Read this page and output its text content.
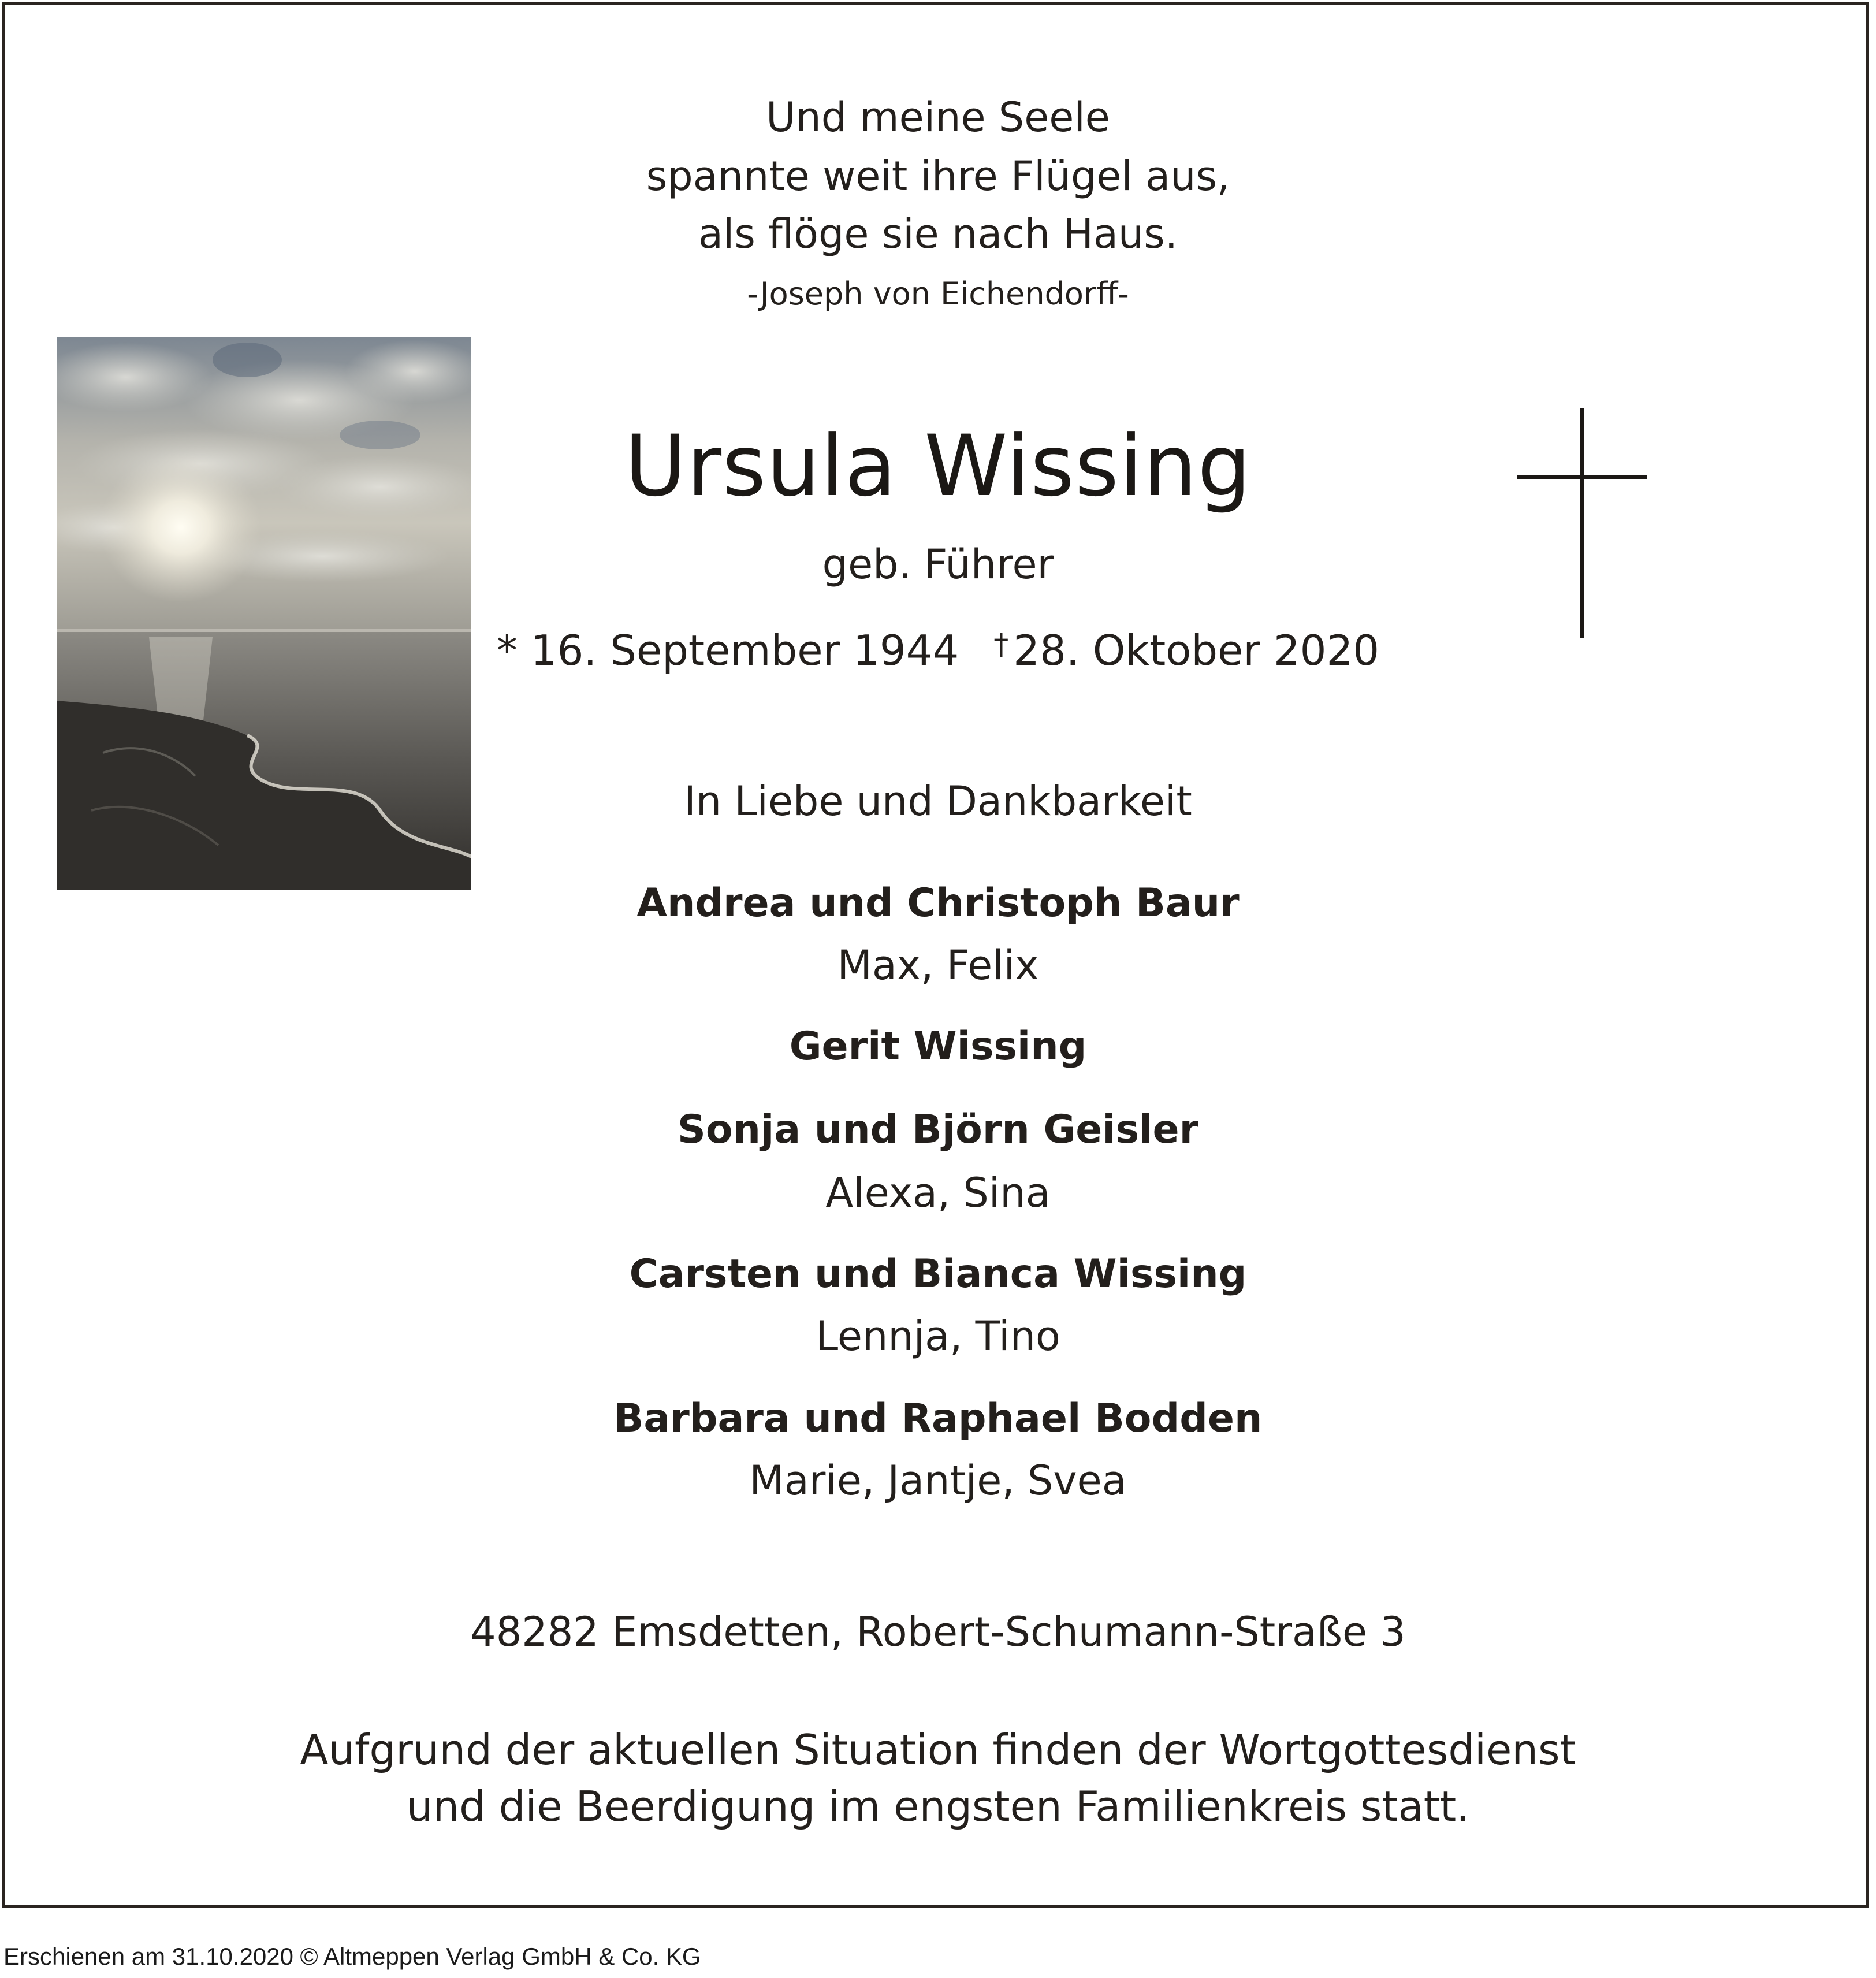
Und meine Seele
spannte weit ihre Flügel aus,
als flöge sie nach Haus.
-Joseph von Eichendorff-
Ursula Wissing
geb. Führer
* 16. September 1944 † 28. Oktober 2020
In Liebe und Dankbarkeit
Andrea und Christoph Baur
Max, Felix
Gerit Wissing
Sonja und Björn Geisler
Alexa, Sina
Carsten und Bianca Wissing
Lennja, Tino
Barbara und Raphael Bodden
Marie, Jantje, Svea
48282 Emsdetten, Robert-Schumann-Straße 3
Aufgrund der aktuellen Situation finden der Wortgottesdienst
und die Beerdigung im engsten Familienkreis statt.
Erschienen am 31.10.2020 © Altmeppen Verlag GmbH & Co. KG
